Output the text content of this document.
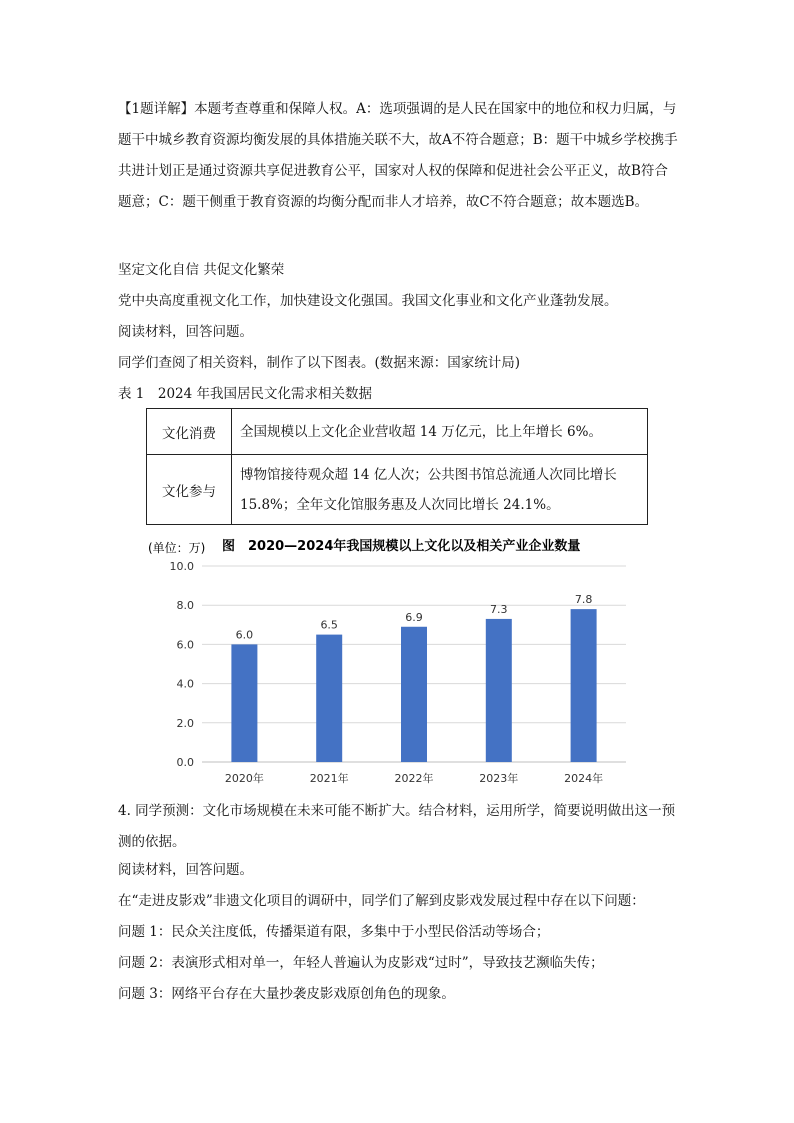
【1题详解】本题考查尊重和保障人权。A：选项强调的是人民在国家中的地位和权力归属，与题干中城乡教育资源均衡发展的具体措施关联不大，故A不符合题意；B：题干中城乡学校携手共进计划正是通过资源共享促进教育公平，国家对人权的保障和促进社会公平正义，故B符合题意；C：题干侧重于教育资源的均衡分配而非人才培养，故C不符合题意；故本题选B。

坚定文化自信 共促文化繁荣

党中央高度重视文化工作，加快建设文化强国。我国文化事业和文化产业蓬勃发展。

阅读材料，回答问题。

同学们查阅了相关资料，制作了以下图表。(数据来源：国家统计局)

表 1　2024 年我国居民文化需求相关数据

文化消费	全国规模以上文化企业营收超 14 万亿元，比上年增长 6%。
文化参与	博物馆接待观众超 14 亿人次；公共图书馆总流通人次同比增长 15.8%；全年文化馆服务惠及人次同比增长 24.1%。
(单位：万) 图　2020—2024年我国规模以上文化以及相关产业企业数量
0.0
2.0
4.0
6.0
8.0
10.0
6.0
6.5
6.9
7.3
7.8
2020年	2021年	2022年	2023年	2024年

4. 同学预测：文化市场规模在未来可能不断扩大。结合材料，运用所学，简要说明做出这一预测的依据。

阅读材料，回答问题。

在“走进皮影戏”非遗文化项目的调研中，同学们了解到皮影戏发展过程中存在以下问题：

问题 1：民众关注度低，传播渠道有限，多集中于小型民俗活动等场合；

问题 2：表演形式相对单一，年轻人普遍认为皮影戏“过时”，导致技艺濒临失传；

问题 3：网络平台存在大量抄袭皮影戏原创角色的现象。
